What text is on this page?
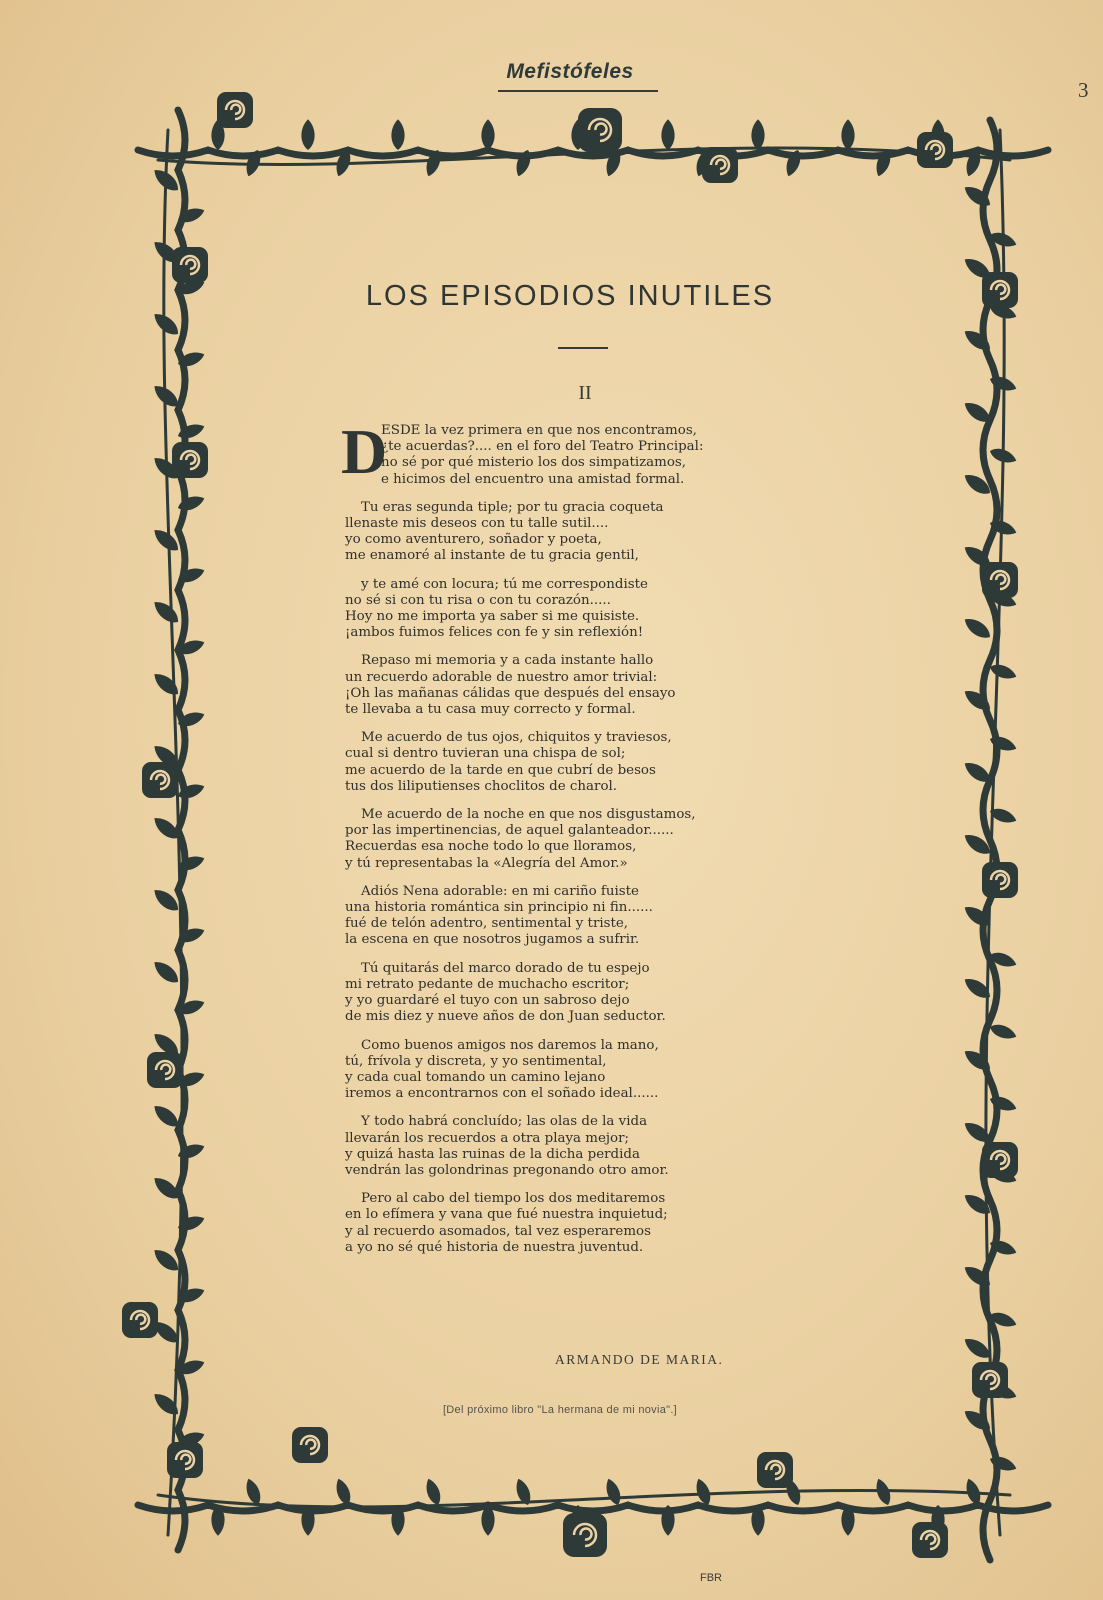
Mefistófeles
3
LOS EPISODIOS INUTILES
II
D
ESDE la vez primera en que nos encontramos,
¿te acuerdas?.... en el foro del Teatro Principal:
no sé por qué misterio los dos simpatizamos,
e hicimos del encuentro una amistad formal.
Tu eras segunda tiple; por tu gracia coqueta
llenaste mis deseos con tu talle sutil....
yo como aventurero, soñador y poeta,
me enamoré al instante de tu gracia gentil,
y te amé con locura; tú me correspondiste
no sé si con tu risa o con tu corazón.....
Hoy no me importa ya saber si me quisiste.
¡ambos fuimos felices con fe y sin reflexión!
Repaso mi memoria y a cada instante hallo
un recuerdo adorable de nuestro amor trivial:
¡Oh las mañanas cálidas que después del ensayo
te llevaba a tu casa muy correcto y formal.
Me acuerdo de tus ojos, chiquitos y traviesos,
cual si dentro tuvieran una chispa de sol;
me acuerdo de la tarde en que cubrí de besos
tus dos liliputienses choclitos de charol.
Me acuerdo de la noche en que nos disgustamos,
por las impertinencias, de aquel galanteador......
Recuerdas esa noche todo lo que lloramos,
y tú representabas la «Alegría del Amor.»
Adiós Nena adorable: en mi cariño fuiste
una historia romántica sin principio ni fin......
fué de telón adentro, sentimental y triste,
la escena en que nosotros jugamos a sufrir.
Tú quitarás del marco dorado de tu espejo
mi retrato pedante de muchacho escritor;
y yo guardaré el tuyo con un sabroso dejo
de mis diez y nueve años de don Juan seductor.
Como buenos amigos nos daremos la mano,
tú, frívola y discreta, y yo sentimental,
y cada cual tomando un camino lejano
iremos a encontrarnos con el soñado ideal......
Y todo habrá concluído; las olas de la vida
llevarán los recuerdos a otra playa mejor;
y quizá hasta las ruinas de la dicha perdida
vendrán las golondrinas pregonando otro amor.
Pero al cabo del tiempo los dos meditaremos
en lo efímera y vana que fué nuestra inquietud;
y al recuerdo asomados, tal vez esperaremos
a yo no sé qué historia de nuestra juventud.
ARMANDO DE MARIA.
[Del próximo libro "La hermana de mi novia".]
FBR
